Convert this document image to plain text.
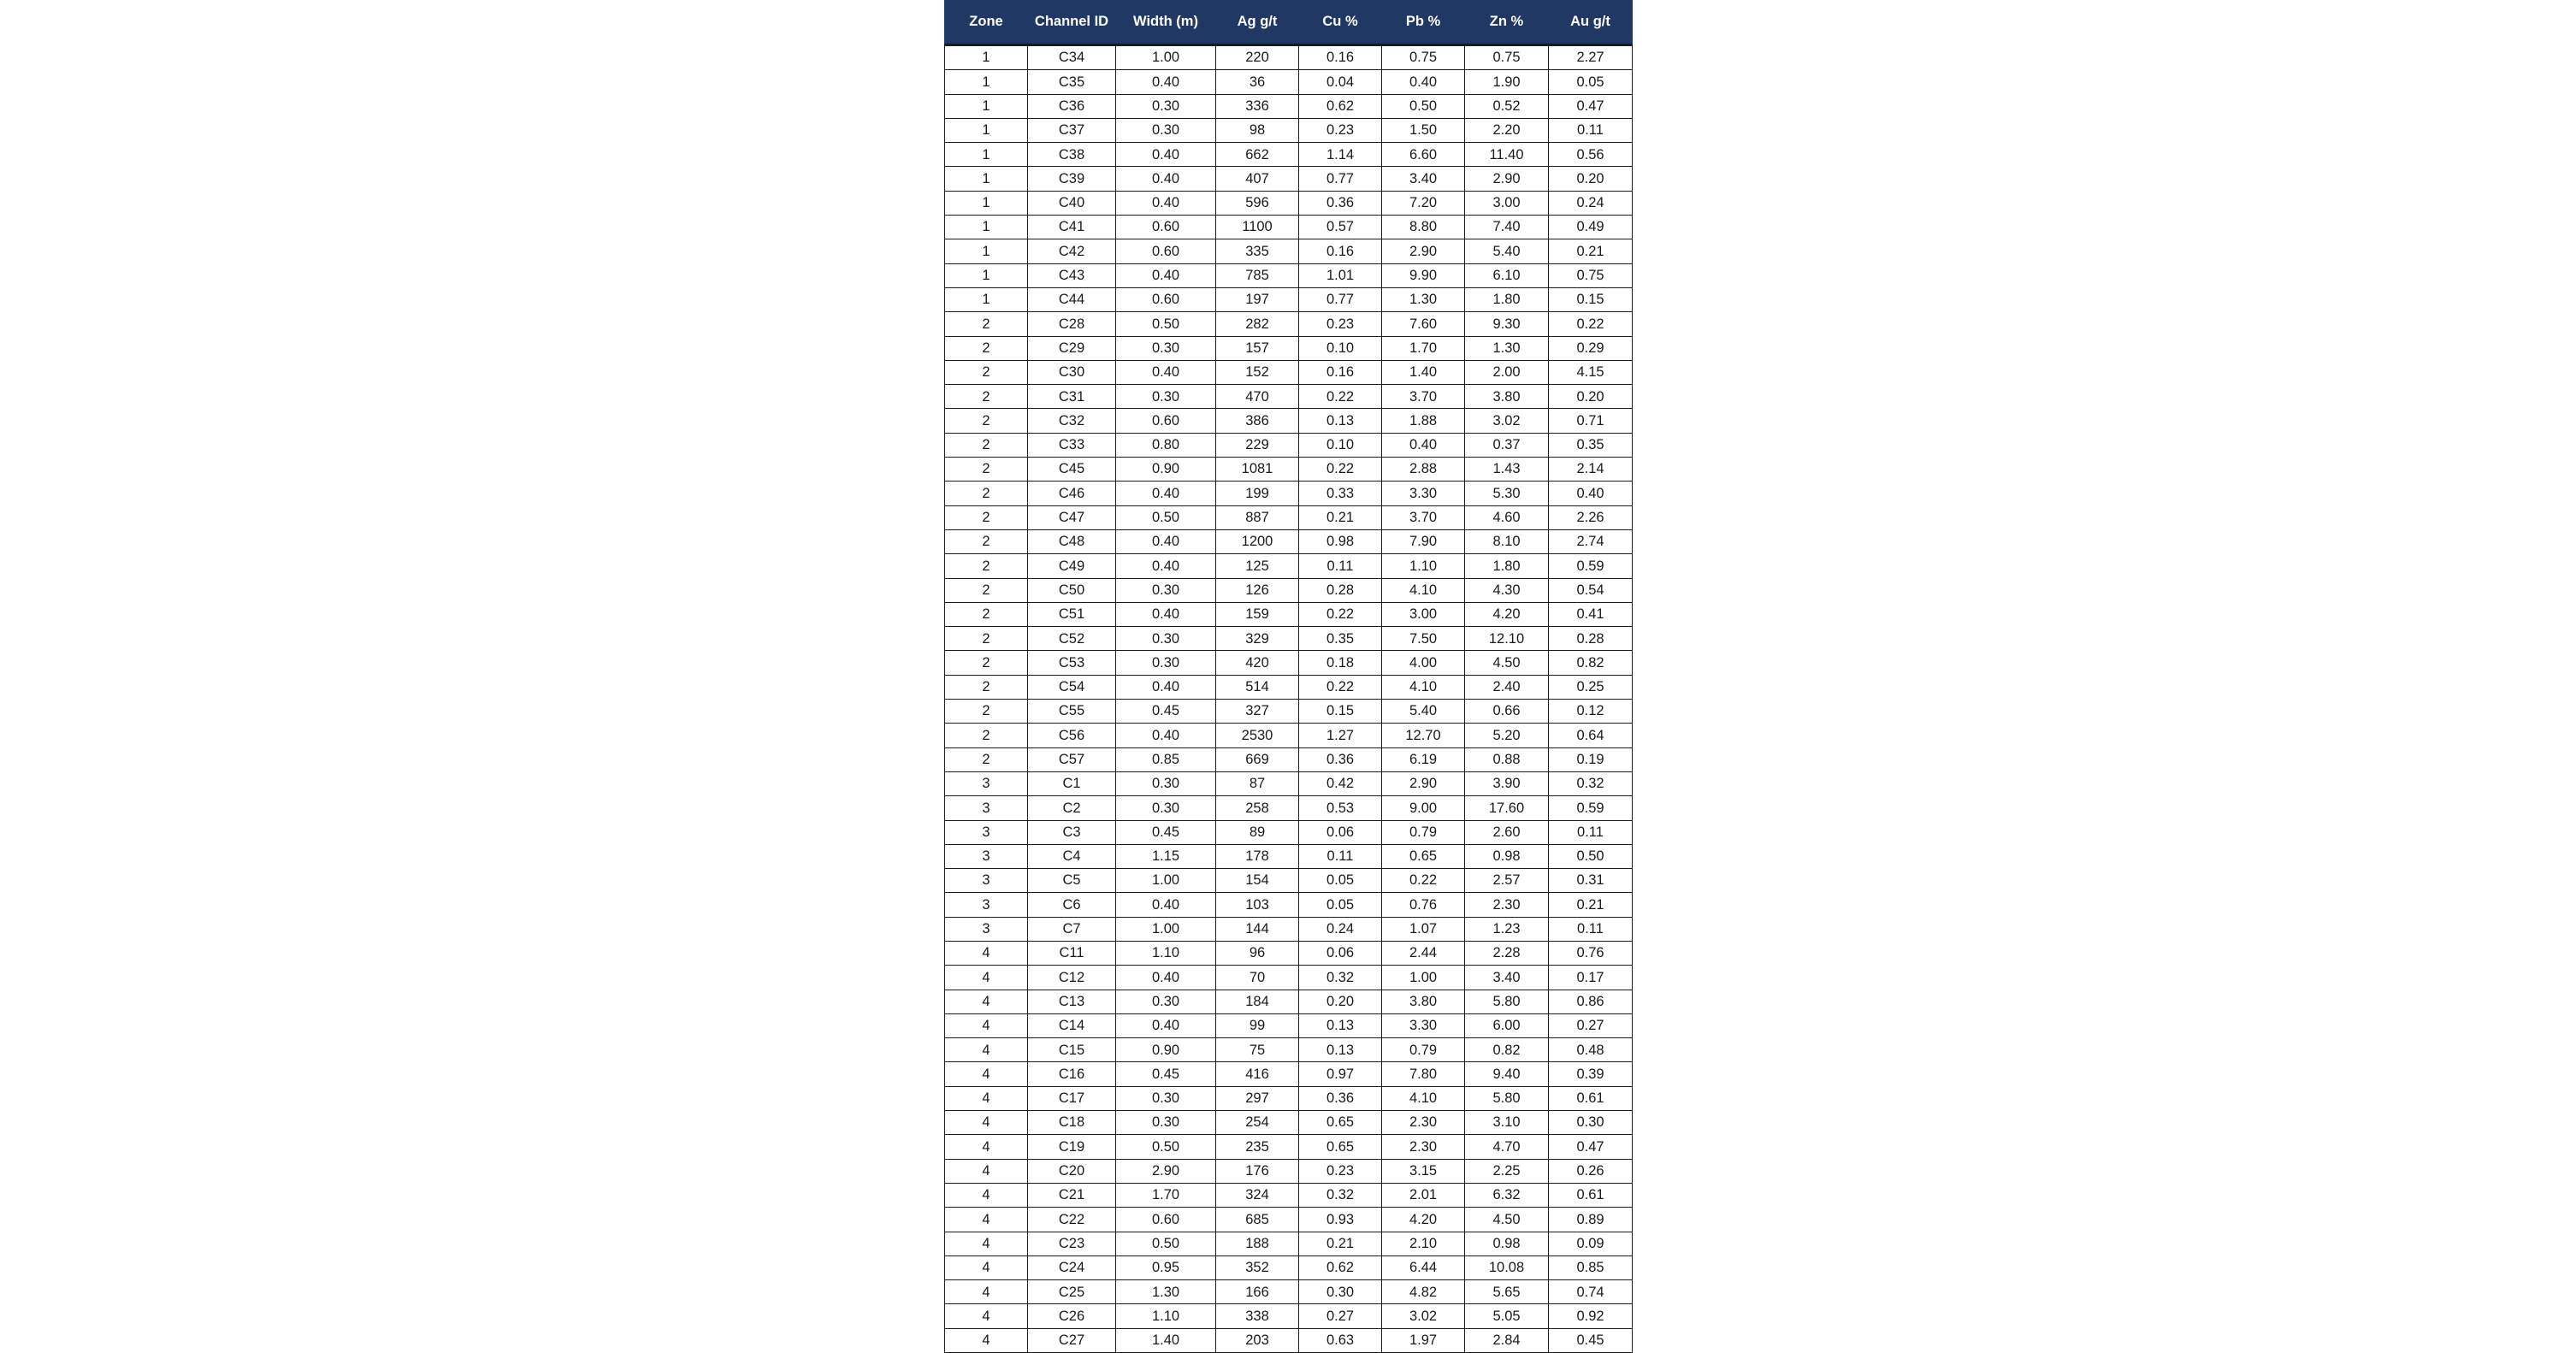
Zone	Channel ID	Width (m)	Ag g/t	Cu %	Pb %	Zn %	Au g/t
1	C34	1.00	220	0.16	0.75	0.75	2.27
1	C35	0.40	36	0.04	0.40	1.90	0.05
1	C36	0.30	336	0.62	0.50	0.52	0.47
1	C37	0.30	98	0.23	1.50	2.20	0.11
1	C38	0.40	662	1.14	6.60	11.40	0.56
1	C39	0.40	407	0.77	3.40	2.90	0.20
1	C40	0.40	596	0.36	7.20	3.00	0.24
1	C41	0.60	1100	0.57	8.80	7.40	0.49
1	C42	0.60	335	0.16	2.90	5.40	0.21
1	C43	0.40	785	1.01	9.90	6.10	0.75
1	C44	0.60	197	0.77	1.30	1.80	0.15
2	C28	0.50	282	0.23	7.60	9.30	0.22
2	C29	0.30	157	0.10	1.70	1.30	0.29
2	C30	0.40	152	0.16	1.40	2.00	4.15
2	C31	0.30	470	0.22	3.70	3.80	0.20
2	C32	0.60	386	0.13	1.88	3.02	0.71
2	C33	0.80	229	0.10	0.40	0.37	0.35
2	C45	0.90	1081	0.22	2.88	1.43	2.14
2	C46	0.40	199	0.33	3.30	5.30	0.40
2	C47	0.50	887	0.21	3.70	4.60	2.26
2	C48	0.40	1200	0.98	7.90	8.10	2.74
2	C49	0.40	125	0.11	1.10	1.80	0.59
2	C50	0.30	126	0.28	4.10	4.30	0.54
2	C51	0.40	159	0.22	3.00	4.20	0.41
2	C52	0.30	329	0.35	7.50	12.10	0.28
2	C53	0.30	420	0.18	4.00	4.50	0.82
2	C54	0.40	514	0.22	4.10	2.40	0.25
2	C55	0.45	327	0.15	5.40	0.66	0.12
2	C56	0.40	2530	1.27	12.70	5.20	0.64
2	C57	0.85	669	0.36	6.19	0.88	0.19
3	C1	0.30	87	0.42	2.90	3.90	0.32
3	C2	0.30	258	0.53	9.00	17.60	0.59
3	C3	0.45	89	0.06	0.79	2.60	0.11
3	C4	1.15	178	0.11	0.65	0.98	0.50
3	C5	1.00	154	0.05	0.22	2.57	0.31
3	C6	0.40	103	0.05	0.76	2.30	0.21
3	C7	1.00	144	0.24	1.07	1.23	0.11
4	C11	1.10	96	0.06	2.44	2.28	0.76
4	C12	0.40	70	0.32	1.00	3.40	0.17
4	C13	0.30	184	0.20	3.80	5.80	0.86
4	C14	0.40	99	0.13	3.30	6.00	0.27
4	C15	0.90	75	0.13	0.79	0.82	0.48
4	C16	0.45	416	0.97	7.80	9.40	0.39
4	C17	0.30	297	0.36	4.10	5.80	0.61
4	C18	0.30	254	0.65	2.30	3.10	0.30
4	C19	0.50	235	0.65	2.30	4.70	0.47
4	C20	2.90	176	0.23	3.15	2.25	0.26
4	C21	1.70	324	0.32	2.01	6.32	0.61
4	C22	0.60	685	0.93	4.20	4.50	0.89
4	C23	0.50	188	0.21	2.10	0.98	0.09
4	C24	0.95	352	0.62	6.44	10.08	0.85
4	C25	1.30	166	0.30	4.82	5.65	0.74
4	C26	1.10	338	0.27	3.02	5.05	0.92
4	C27	1.40	203	0.63	1.97	2.84	0.45
